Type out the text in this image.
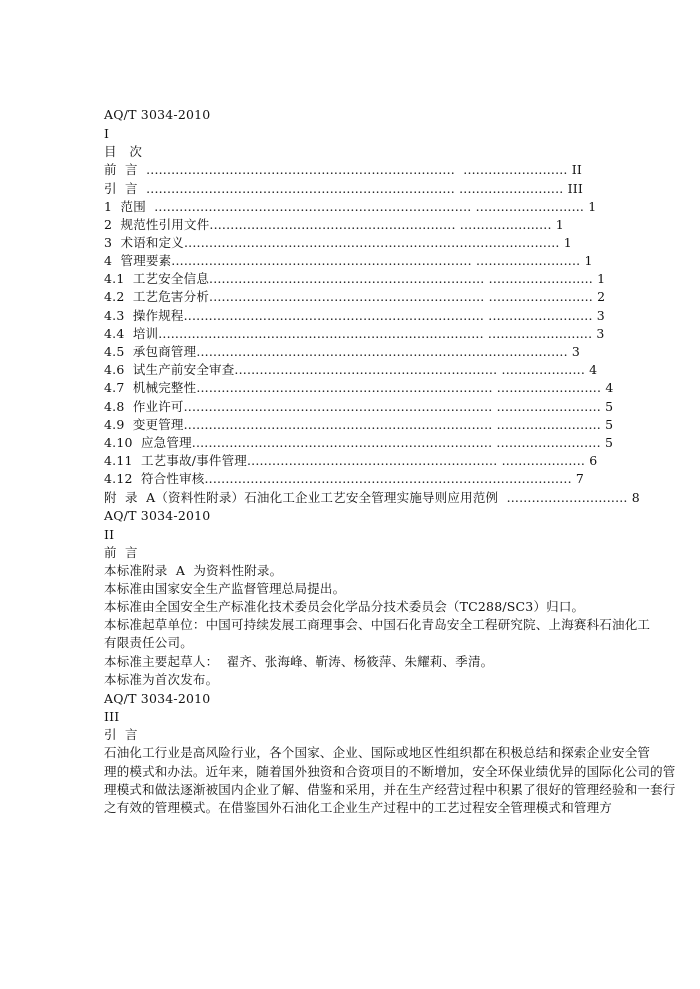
AQ/T 3034-2010
I
目　次
前  言  ..........................................................................  ......................... II
引  言  .......................................................................... ......................... III
1  范围  ............................................................................ .......................... 1
2  规范性引用文件........................................................... ...................... 1
3  术语和定义.......................................................................................... 1
4  管理要素........................................................................ ......................... 1
4.1  工艺安全信息.................................................................. ......................... 1
4.2  工艺危害分析.................................................................. ......................... 2
4.3  操作规程........................................................................ ......................... 3
4.4  培训.............................................................................. ......................... 3
4.5  承包商管理......................................................................................... 3
4.6  试生产前安全审查............................................................... .................... 4
4.7  机械完整性....................................................................... ......................... 4
4.8  作业许可.......................................................................... ......................... 5
4.9  变更管理.......................................................................... ......................... 5
4.10  应急管理........................................................................ ......................... 5
4.11  工艺事故/事件管理............................................................ .................... 6
4.12  符合性审核........................................................................................ 7
附  录  A（资料性附录）石油化工企业工艺安全管理实施导则应用范例  ............................. 8
AQ/T 3034-2010
II
前  言
本标准附录  A  为资料性附录。
本标准由国家安全生产监督管理总局提出。
本标准由全国安全生产标准化技术委员会化学品分技术委员会（TC288/SC3）归口。
本标准起草单位：中国可持续发展工商理事会、中国石化青岛安全工程研究院、上海赛科石油化工
有限责任公司。
本标准主要起草人：  翟齐、张海峰、靳涛、杨筱萍、朱耀莉、季清。
本标准为首次发布。
AQ/T 3034-2010
III
引  言
石油化工行业是高风险行业，各个国家、企业、国际或地区性组织都在积极总结和探索企业安全管
理的模式和办法。近年来，随着国外独资和合资项目的不断增加，安全环保业绩优异的国际化公司的管
理模式和做法逐渐被国内企业了解、借鉴和采用，并在生产经营过程中积累了很好的管理经验和一套行
之有效的管理模式。在借鉴国外石油化工企业生产过程中的工艺过程安全管理模式和管理方
